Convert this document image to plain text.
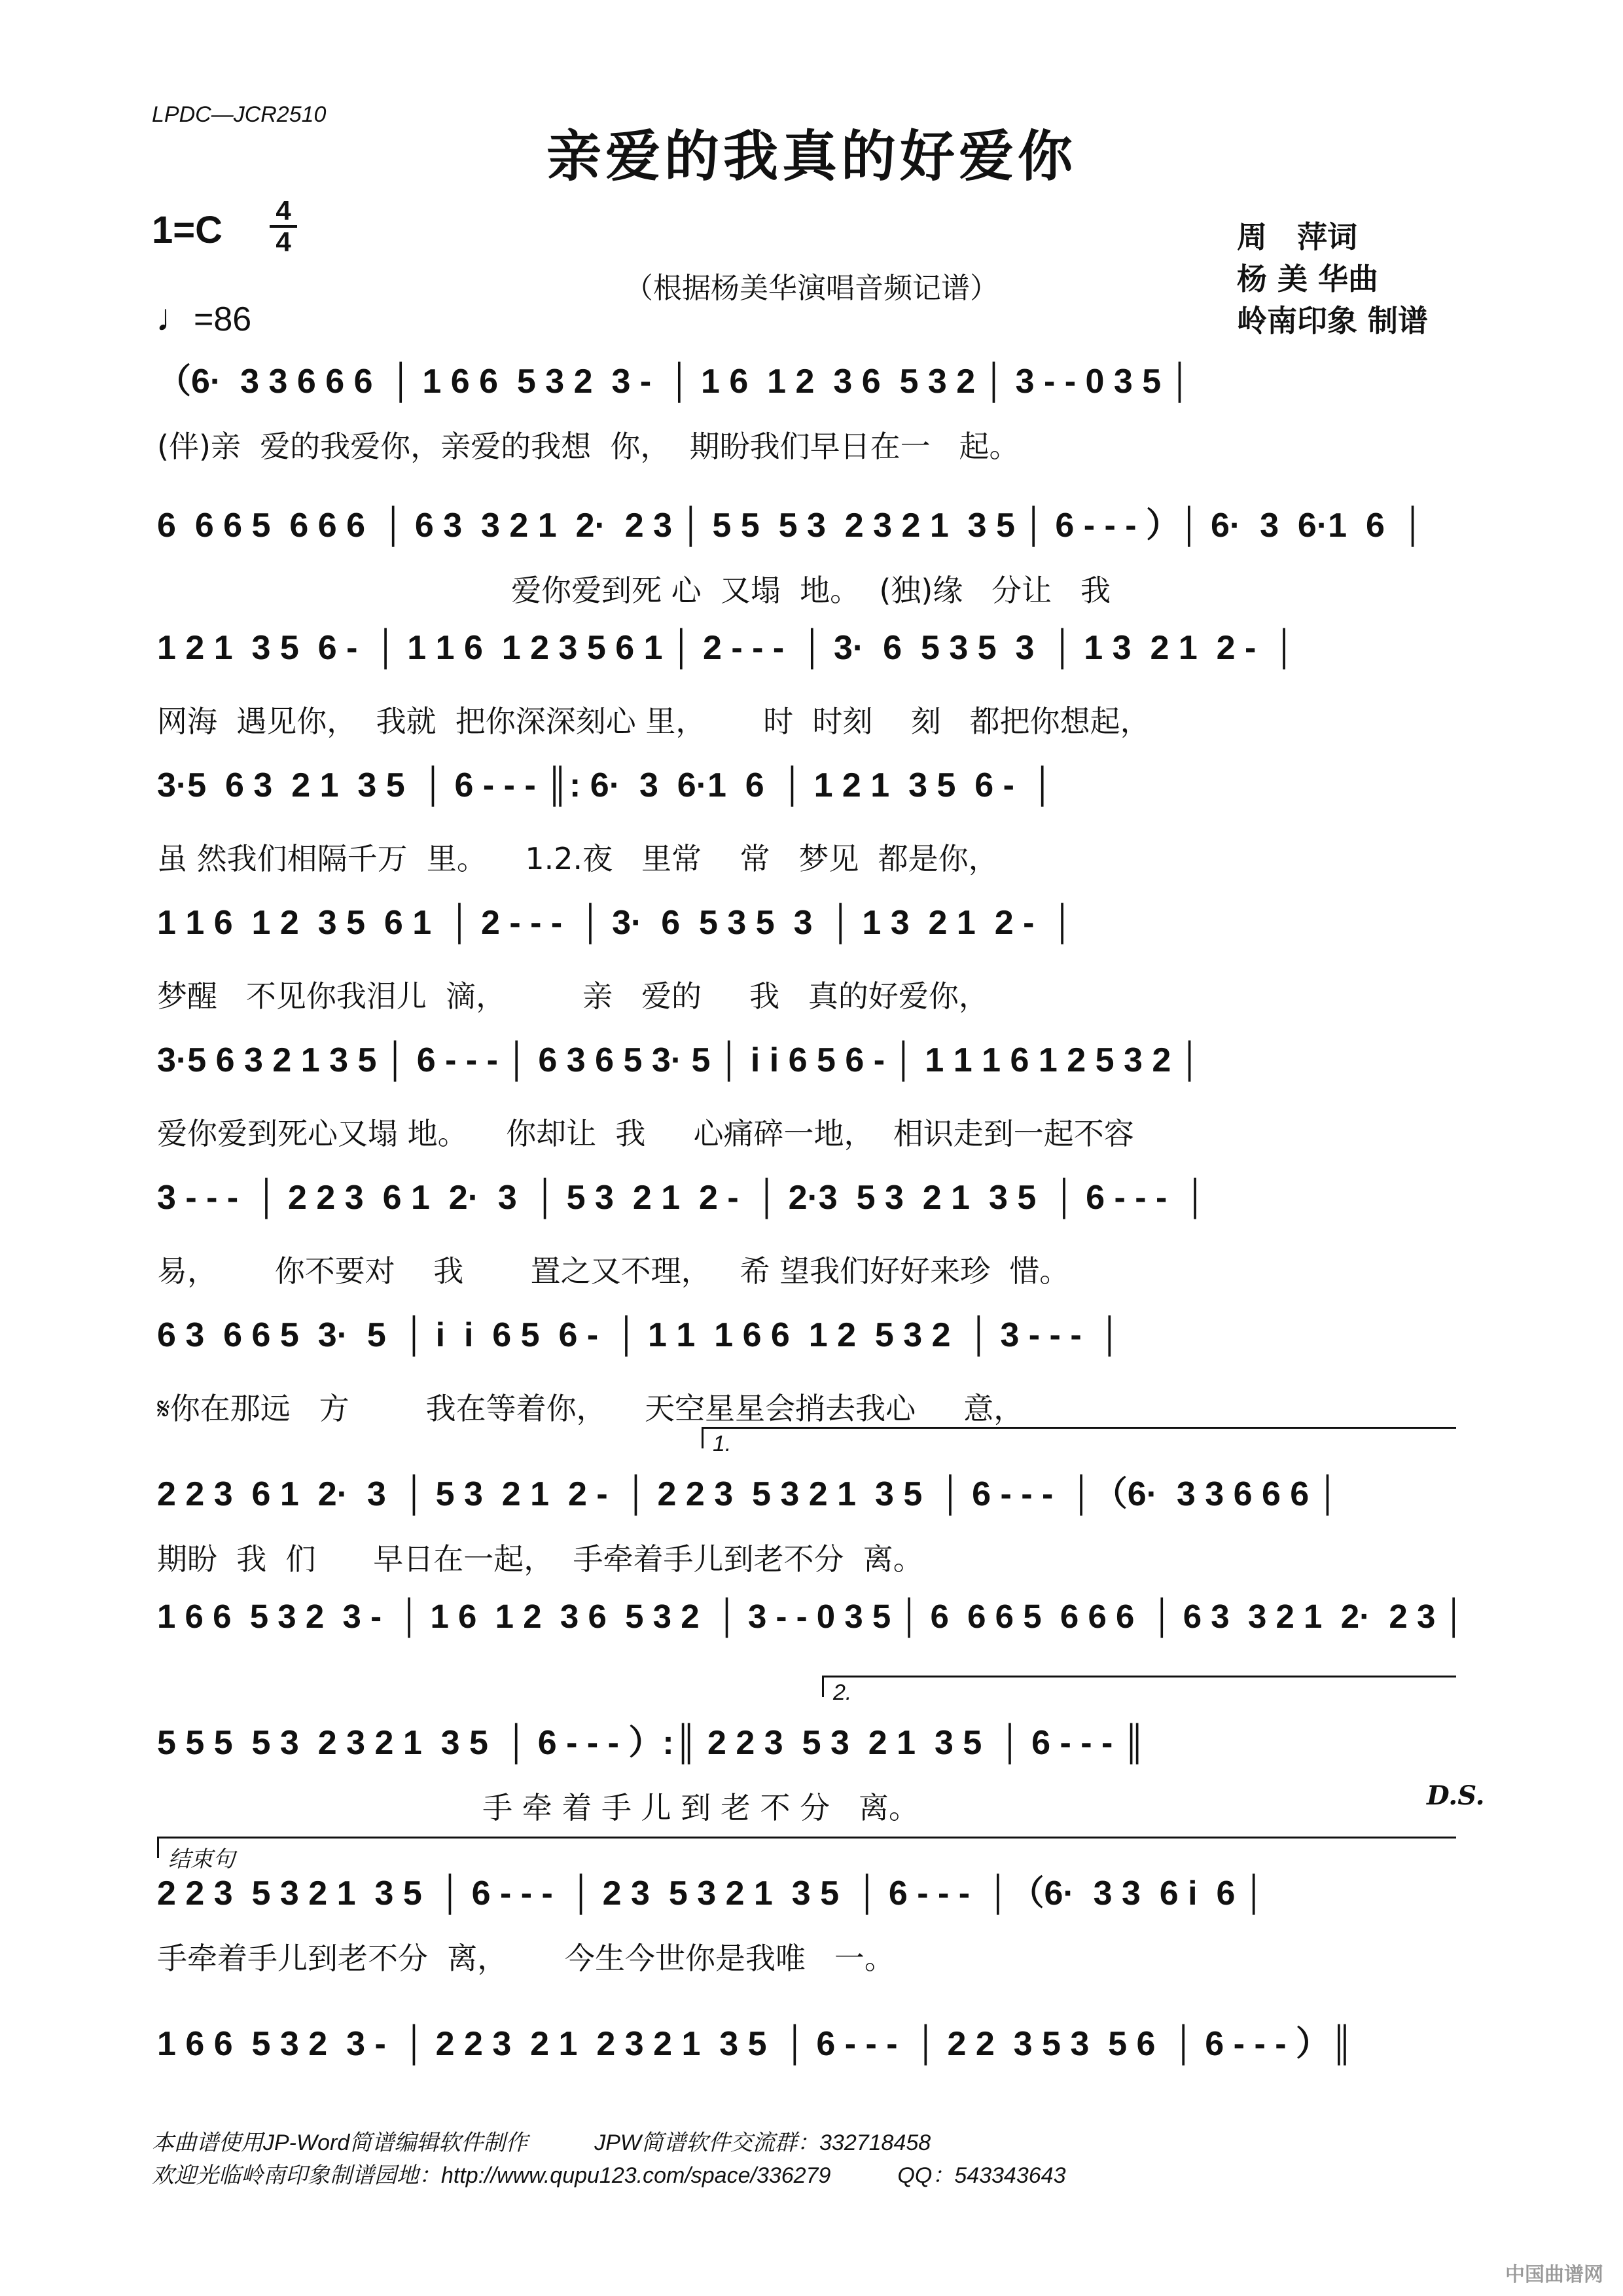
LPDC—JCR2510
亲爱的我真的好爱你
1=C 4
4
♩=86
（根据杨美华演唱音频记谱）
周　萍词
杨 美 华曲
岭南印象 制谱
（6·  3 3 6 6 6  │ 1 6 6  5 3 2  3 -  │ 1 6  1 2  3 6  5 3 2 │ 3 - - 0 3 5 │
(伴)亲  爱的我爱你，亲爱的我想  你，  期盼我们早日在一   起。
6  6 6 5  6 6 6  │ 6 3  3 2 1  2·  2 3 │ 5 5  5 3  2 3 2 1  3 5 │ 6 - - - ）│ 6·  3  6·1  6  │
爱你爱到死 心  又塌  地。  (独)缘   分让   我
1 2 1  3 5  6 -  │ 1 1 6  1 2 3 5 6 1 │ 2 - - -  │ 3·  6  5 3 5  3  │ 1 3  2 1  2 -  │
网海  遇见你，  我就  把你深深刻心 里，      时  时刻    刻   都把你想起，
3·5  6 3  2 1  3 5  │ 6 - - - ║: 6·  3  6·1  6  │ 1 2 1  3 5  6 -  │
虽 然我们相隔千万  里。    1.2.夜   里常    常   梦见  都是你，
1 1 6  1 2  3 5  6 1  │ 2 - - -  │ 3·  6  5 3 5  3  │ 1 3  2 1  2 -  │
梦醒   不见你我泪儿  滴，        亲   爱的     我   真的好爱你，
3·5 6 3 2 1 3 5 │ 6 - - - │ 6 3 6 5 3· 5 │ i i 6 5 6 - │ 1 1 1 6 1 2 5 3 2 │
爱你爱到死心又塌 地。    你却让  我     心痛碎一地，  相识走到一起不容
3 - - -  │ 2 2 3  6 1  2·  3  │ 5 3  2 1  2 -  │ 2·3  5 3  2 1  3 5  │ 6 - - -  │
易，      你不要对    我       置之又不理，   希 望我们好好来珍  惜。
6 3  6 6 5  3·  5  │ i  i  6 5  6 -  │ 1 1  1 6 6  1 2  5 3 2  │ 3 - - -  │
𝄋你在那远   方        我在等着你，    天空星星会捎去我心     意，
2 2 3  6 1  2·  3  │ 5 3  2 1  2 -  │ 2 2 3  5 3 2 1  3 5  │ 6 - - -  │（6·  3 3 6 6 6 │
期盼  我  们      早日在一起，  手牵着手儿到老不分  离。
1 6 6  5 3 2  3 -  │ 1 6  1 2  3 6  5 3 2  │ 3 - - 0 3 5 │ 6  6 6 5  6 6 6  │ 6 3  3 2 1  2·  2 3 │
5 5 5  5 3  2 3 2 1  3 5  │ 6 - - - ）:║ 2 2 3  5 3  2 1  3 5  │ 6 - - - ║
手 牵 着 手 儿 到 老 不 分   离。
2 2 3  5 3 2 1  3 5  │ 6 - - -  │ 2 3  5 3 2 1  3 5  │ 6 - - -  │（6·  3 3  6 i  6 │
手牵着手儿到老不分  离，      今生今世你是我唯   一。
1 6 6  5 3 2  3 -  │ 2 2 3  2 1  2 3 2 1  3 5  │ 6 - - -  │ 2 2  3 5 3  5 6  │ 6 - - - ）║
1.
2.
结束句
D.S.
本曲谱使用JP-Word简谱编辑软件制作　　　JPW简谱软件交流群：332718458
欢迎光临岭南印象制谱园地：http://www.qupu123.com/space/336279　　　QQ：543343643
中国曲谱网
